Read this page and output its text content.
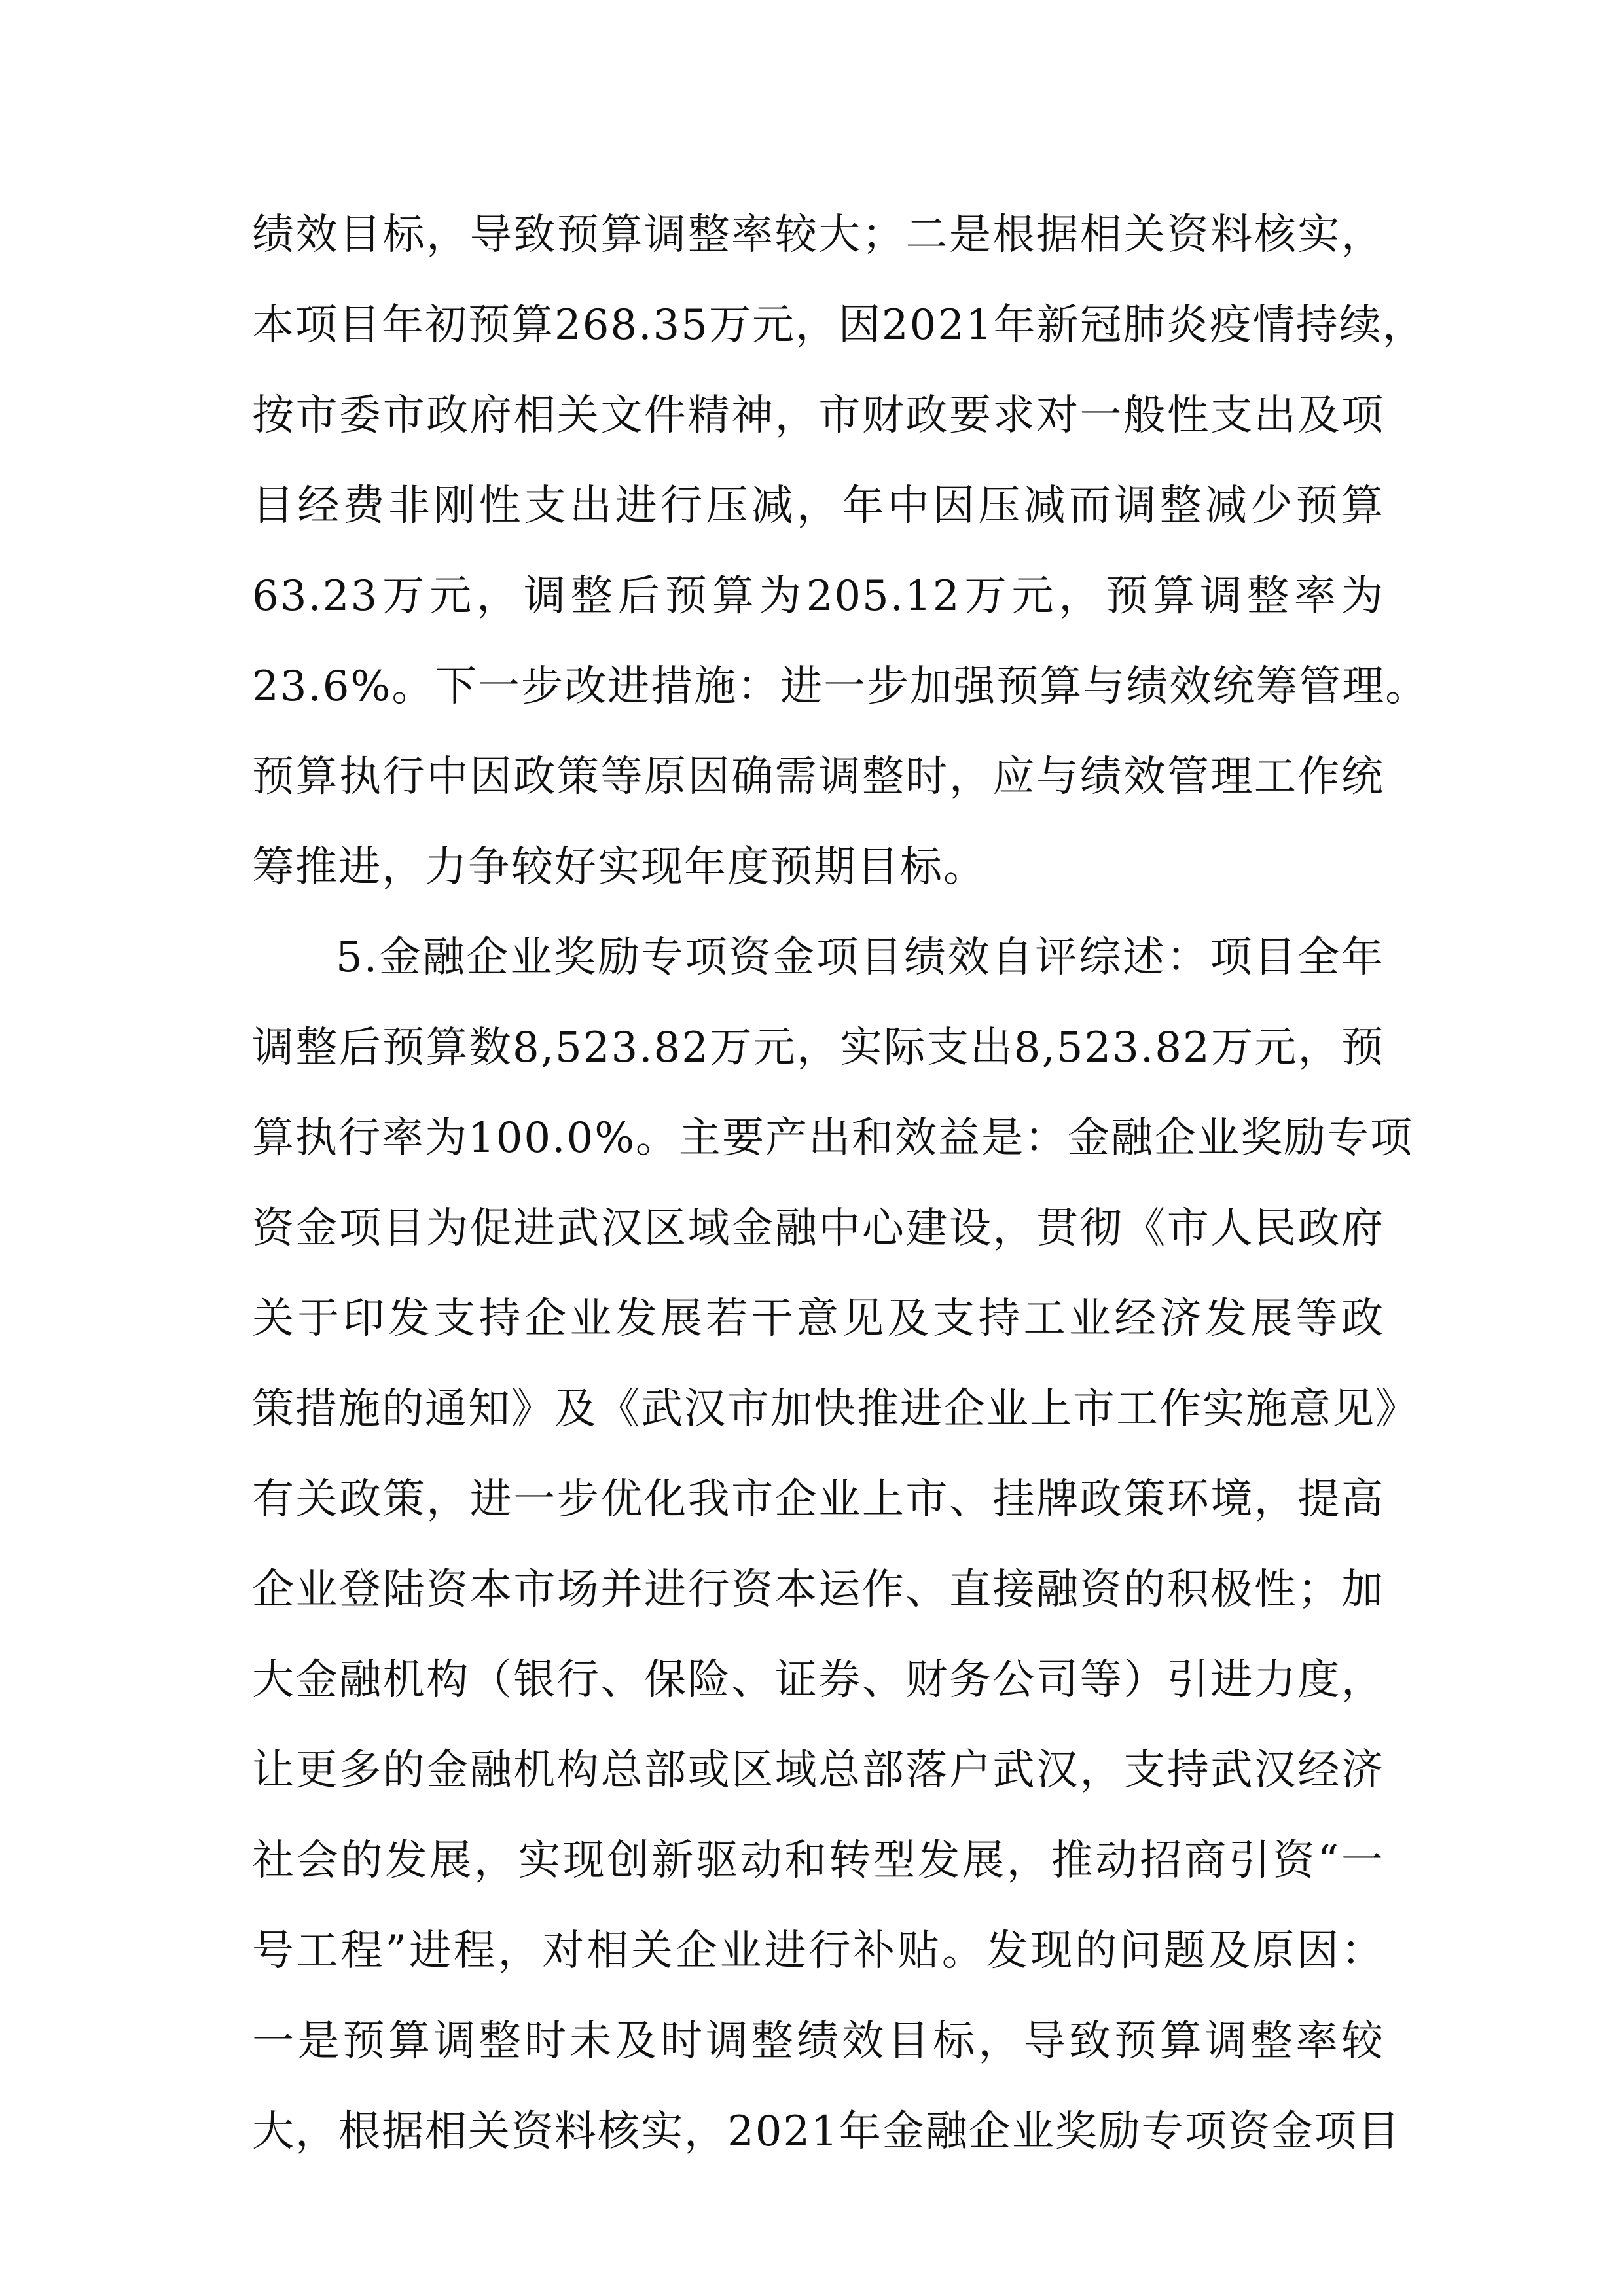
绩效目标，导致预算调整率较大；二是根据相关资料核实，
本项目年初预算268.35万元，因2021年新冠肺炎疫情持续，
按市委市政府相关文件精神，市财政要求对一般性支出及项
目经费非刚性支出进行压减，年中因压减而调整减少预算
63.23万元，调整后预算为205.12万元，预算调整率为
23.6%。下一步改进措施：进一步加强预算与绩效统筹管理。
预算执行中因政策等原因确需调整时，应与绩效管理工作统
筹推进，力争较好实现年度预期目标。
5.金融企业奖励专项资金项目绩效自评综述：项目全年
调整后预算数8,523.82万元，实际支出8,523.82万元，预
算执行率为100.0%。主要产出和效益是：金融企业奖励专项
资金项目为促进武汉区域金融中心建设，贯彻《市人民政府
关于印发支持企业发展若干意见及支持工业经济发展等政
策措施的通知》及《武汉市加快推进企业上市工作实施意见》
有关政策，进一步优化我市企业上市、挂牌政策环境，提高
企业登陆资本市场并进行资本运作、直接融资的积极性；加
大金融机构（银行、保险、证券、财务公司等）引进力度，
让更多的金融机构总部或区域总部落户武汉，支持武汉经济
社会的发展，实现创新驱动和转型发展，推动招商引资“一
号工程”进程，对相关企业进行补贴。发现的问题及原因：
一是预算调整时未及时调整绩效目标，导致预算调整率较
大，根据相关资料核实，2021年金融企业奖励专项资金项目
